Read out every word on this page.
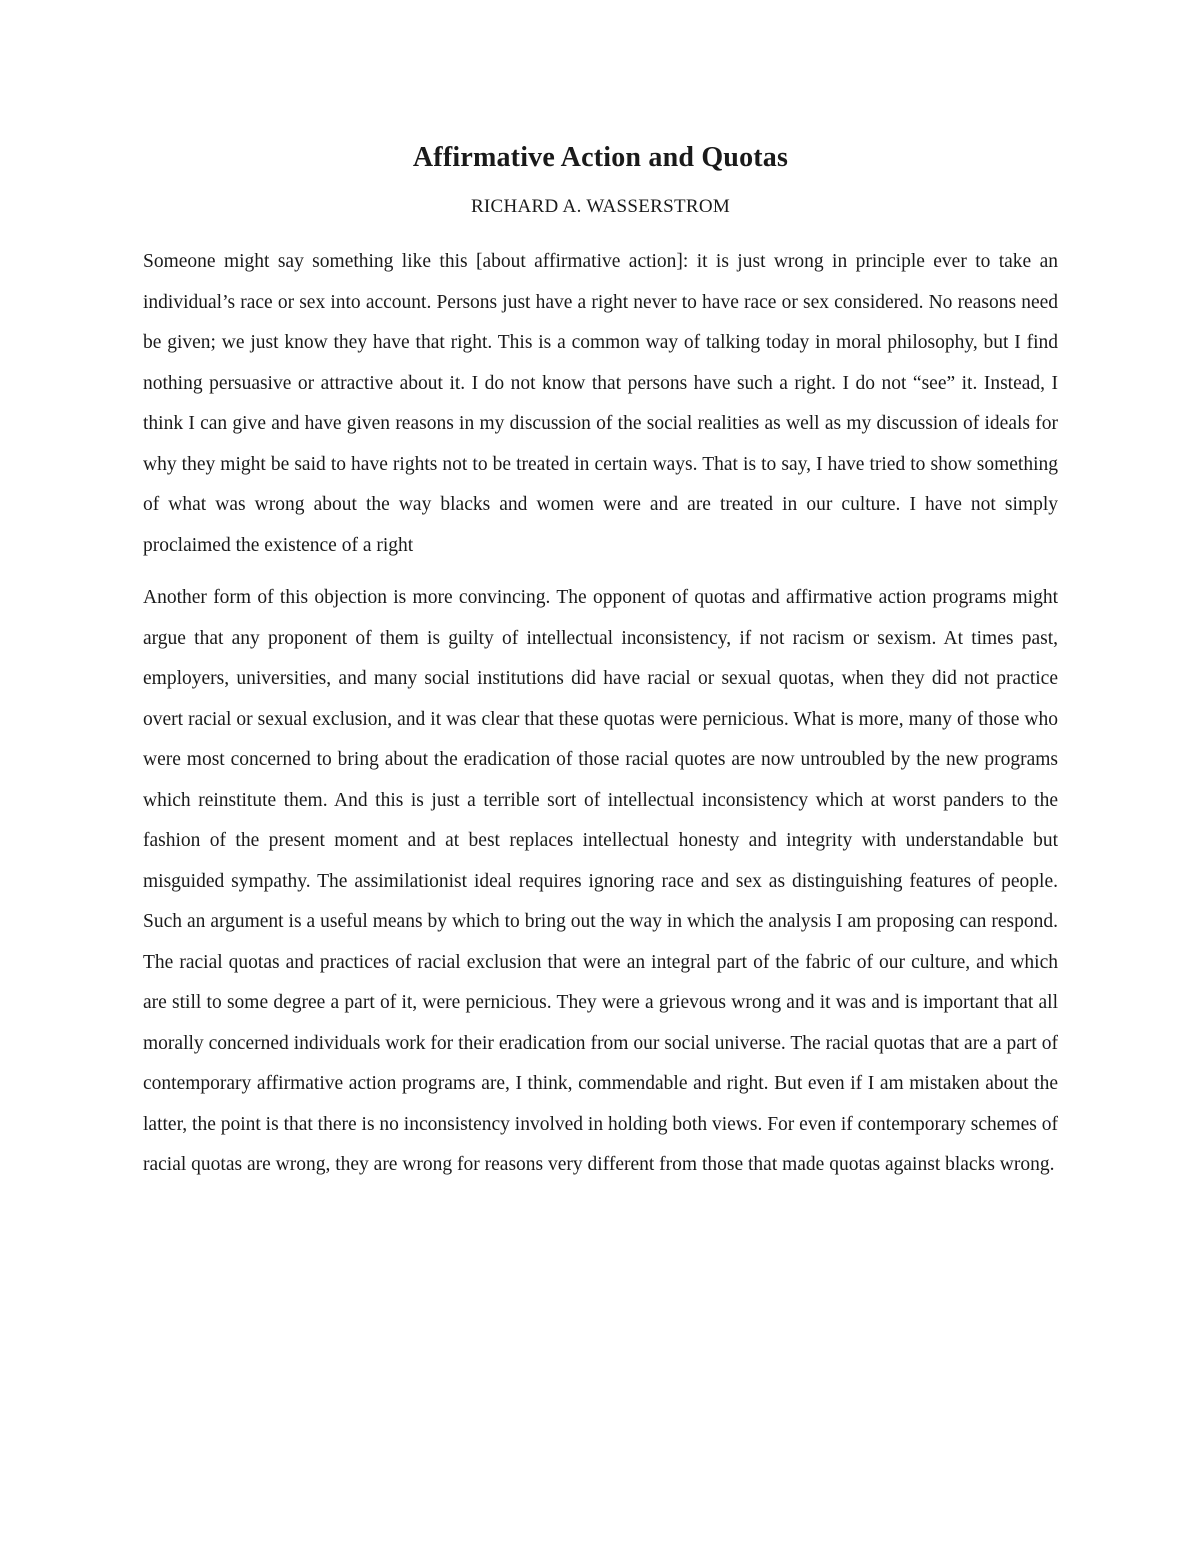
Affirmative Action and Quotas
RICHARD A. WASSERSTROM

Someone might say something like this [about affirmative action]: it is just wrong in principle ever to take an individual’s race or sex into account. Persons just have a right never to have race or sex considered. No reasons need be given; we just know they have that right. This is a common way of talking today in moral philosophy, but I find nothing persuasive or attractive about it. I do not know that persons have such a right. I do not “see” it. Instead, I think I can give and have given reasons in my discussion of the social realities as well as my discussion of ideals for why they might be said to have rights not to be treated in certain ways. That is to say, I have tried to show something of what was wrong about the way blacks and women were and are treated in our culture. I have not simply proclaimed the existence of a right

Another form of this objection is more convincing. The opponent of quotas and affirmative action programs might argue that any proponent of them is guilty of intellectual inconsistency, if not racism or sexism. At times past, employers, universities, and many social institutions did have racial or sexual quotas, when they did not practice overt racial or sexual exclusion, and it was clear that these quotas were pernicious. What is more, many of those who were most concerned to bring about the eradication of those racial quotes are now untroubled by the new programs which reinstitute them. And this is just a terrible sort of intellectual inconsistency which at worst panders to the fashion of the present moment and at best replaces intellectual honesty and integrity with understandable but misguided sympathy. The assimilationist ideal requires ignoring race and sex as distinguishing features of people. Such an argument is a useful means by which to bring out the way in which the analysis I am proposing can respond. The racial quotas and practices of racial exclusion that were an integral part of the fabric of our culture, and which are still to some degree a part of it, were pernicious. They were a grievous wrong and it was and is important that all morally concerned individuals work for their eradication from our social universe. The racial quotas that are a part of contemporary affirmative action programs are, I think, commendable and right. But even if I am mistaken about the latter, the point is that there is no inconsistency involved in holding both views. For even if contemporary schemes of racial quotas are wrong, they are wrong for reasons very different from those that made quotas against blacks wrong.
